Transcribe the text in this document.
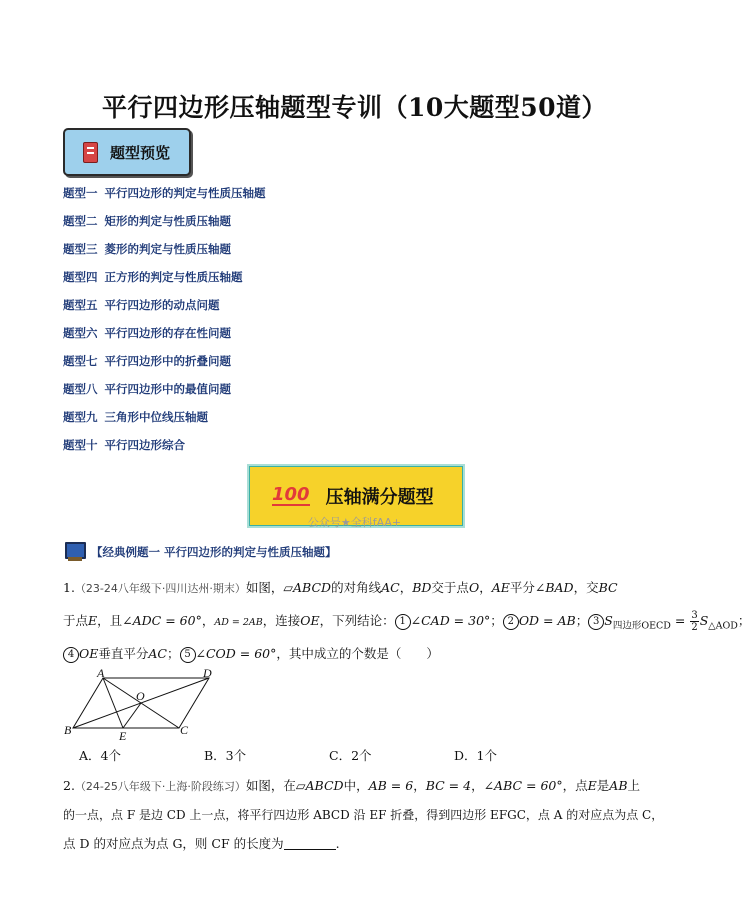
平行四边形压轴题型专训（10大题型50道）
题型预览
题型一 平行四边形的判定与性质压轴题
题型二 矩形的判定与性质压轴题
题型三 菱形的判定与性质压轴题
题型四 正方形的判定与性质压轴题
题型五 平行四边形的动点问题
题型六 平行四边形的存在性问题
题型七 平行四边形中的折叠问题
题型八 平行四边形中的最值问题
题型九 三角形中位线压轴题
题型十 平行四边形综合
100 压轴满分题型
公众号★全科fAA+
【经典例题一 平行四边形的判定与性质压轴题】
1.（23-24八年级下·四川达州·期末）如图，▱ABCD的对角线AC，BD交于点O，AE平分∠BAD，交BC
于点E，且∠ADC = 60°，AD = 2AB，连接OE，下列结论： 1 ∠CAD = 30°； 2 OD = AB； 3 $S_{四边形OECD} = \frac{3}{2} S_{\triangle AOD}$；
4 OE垂直平分AC； 5 ∠COD = 60°，其中成立的个数是（　　）
A	D
B	C
E
O
A．4个	B．3个	C．2个	D．1个
2.（24-25八年级下·上海·阶段练习）如图，在▱ABCD中，AB = 6，BC = 4，∠ABC = 60°，点E是AB上
的一点，点 F 是边 CD 上一点，将平行四边形 ABCD 沿 EF 折叠，得到四边形 EFGC，点 A 的对应点为点 C，
点 D 的对应点为点 G，则 CF 的长度为	.
